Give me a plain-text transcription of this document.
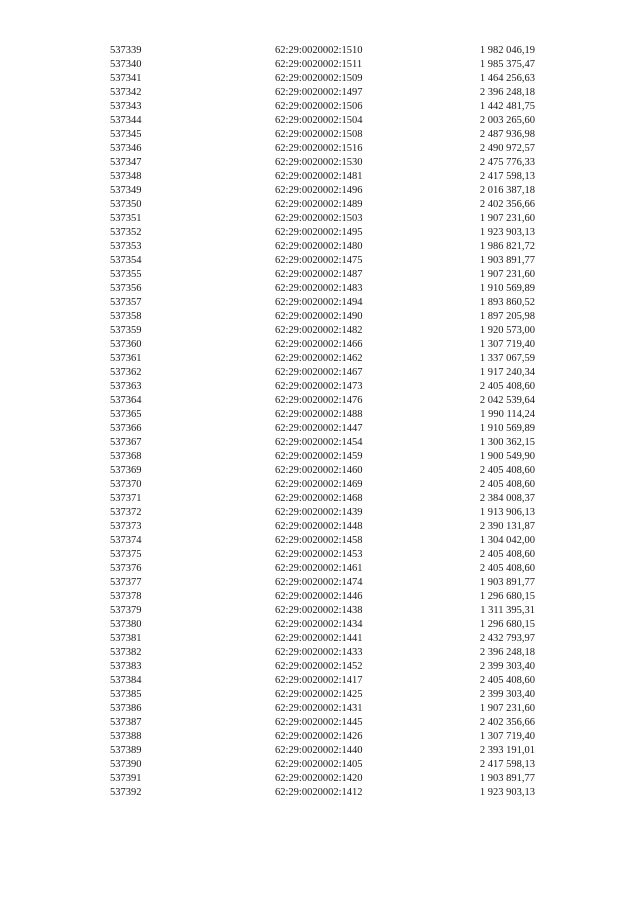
537339	62:29:0020002:1510	1 982 046,19
537340	62:29:0020002:1511	1 985 375,47
537341	62:29:0020002:1509	1 464 256,63
537342	62:29:0020002:1497	2 396 248,18
537343	62:29:0020002:1506	1 442 481,75
537344	62:29:0020002:1504	2 003 265,60
537345	62:29:0020002:1508	2 487 936,98
537346	62:29:0020002:1516	2 490 972,57
537347	62:29:0020002:1530	2 475 776,33
537348	62:29:0020002:1481	2 417 598,13
537349	62:29:0020002:1496	2 016 387,18
537350	62:29:0020002:1489	2 402 356,66
537351	62:29:0020002:1503	1 907 231,60
537352	62:29:0020002:1495	1 923 903,13
537353	62:29:0020002:1480	1 986 821,72
537354	62:29:0020002:1475	1 903 891,77
537355	62:29:0020002:1487	1 907 231,60
537356	62:29:0020002:1483	1 910 569,89
537357	62:29:0020002:1494	1 893 860,52
537358	62:29:0020002:1490	1 897 205,98
537359	62:29:0020002:1482	1 920 573,00
537360	62:29:0020002:1466	1 307 719,40
537361	62:29:0020002:1462	1 337 067,59
537362	62:29:0020002:1467	1 917 240,34
537363	62:29:0020002:1473	2 405 408,60
537364	62:29:0020002:1476	2 042 539,64
537365	62:29:0020002:1488	1 990 114,24
537366	62:29:0020002:1447	1 910 569,89
537367	62:29:0020002:1454	1 300 362,15
537368	62:29:0020002:1459	1 900 549,90
537369	62:29:0020002:1460	2 405 408,60
537370	62:29:0020002:1469	2 405 408,60
537371	62:29:0020002:1468	2 384 008,37
537372	62:29:0020002:1439	1 913 906,13
537373	62:29:0020002:1448	2 390 131,87
537374	62:29:0020002:1458	1 304 042,00
537375	62:29:0020002:1453	2 405 408,60
537376	62:29:0020002:1461	2 405 408,60
537377	62:29:0020002:1474	1 903 891,77
537378	62:29:0020002:1446	1 296 680,15
537379	62:29:0020002:1438	1 311 395,31
537380	62:29:0020002:1434	1 296 680,15
537381	62:29:0020002:1441	2 432 793,97
537382	62:29:0020002:1433	2 396 248,18
537383	62:29:0020002:1452	2 399 303,40
537384	62:29:0020002:1417	2 405 408,60
537385	62:29:0020002:1425	2 399 303,40
537386	62:29:0020002:1431	1 907 231,60
537387	62:29:0020002:1445	2 402 356,66
537388	62:29:0020002:1426	1 307 719,40
537389	62:29:0020002:1440	2 393 191,01
537390	62:29:0020002:1405	2 417 598,13
537391	62:29:0020002:1420	1 903 891,77
537392	62:29:0020002:1412	1 923 903,13
